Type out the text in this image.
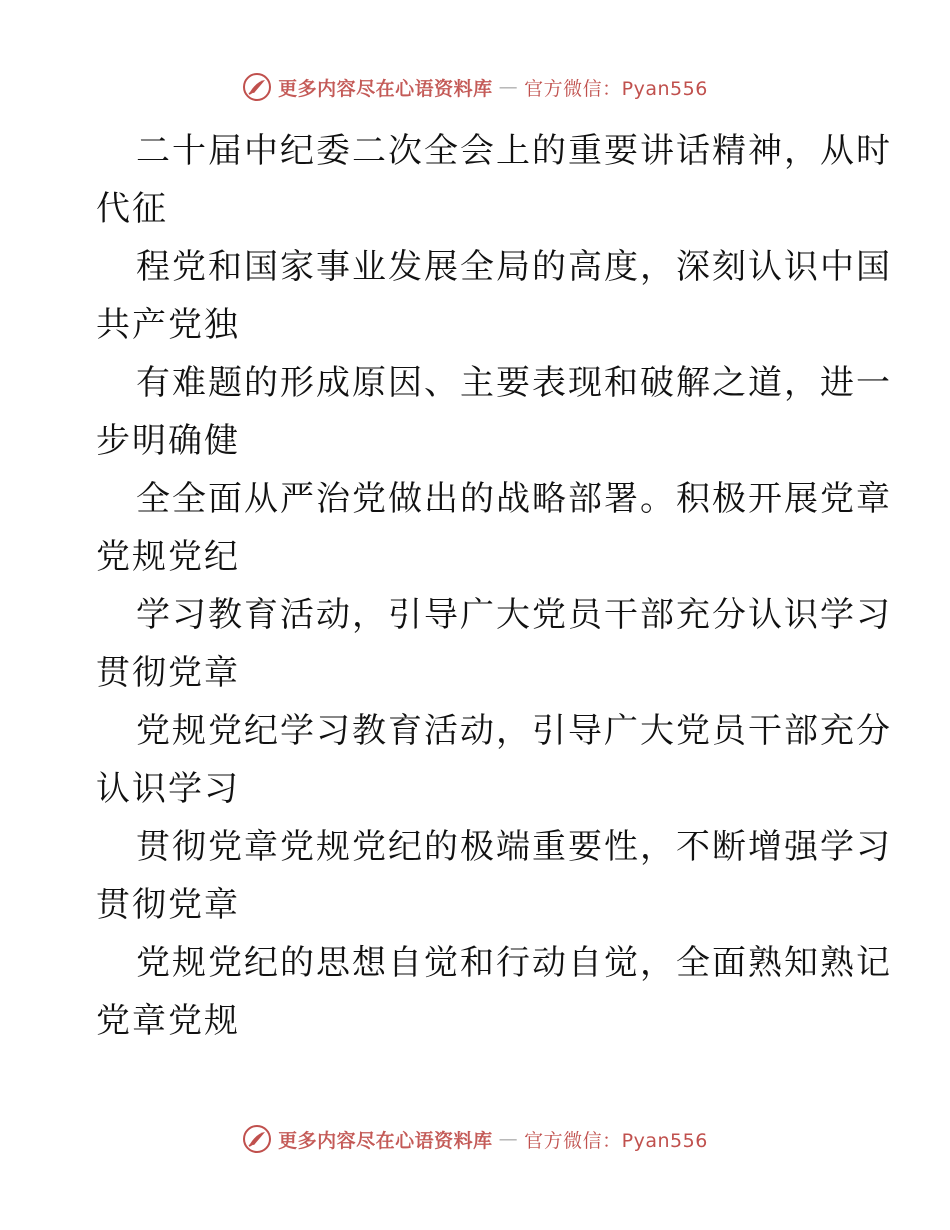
更多内容尽在心语资料库 — 官方微信：Pyan556
二十届中纪委二次全会上的重要讲话精神，从时
代征
程党和国家事业发展全局的高度，深刻认识中国
共产党独
有难题的形成原因、主要表现和破解之道，进一
步明确健
全全面从严治党做出的战略部署。积极开展党章
党规党纪
学习教育活动，引导广大党员干部充分认识学习
贯彻党章
党规党纪学习教育活动，引导广大党员干部充分
认识学习
贯彻党章党规党纪的极端重要性，不断增强学习
贯彻党章
党规党纪的思想自觉和行动自觉，全面熟知熟记
党章党规
更多内容尽在心语资料库 — 官方微信：Pyan556
